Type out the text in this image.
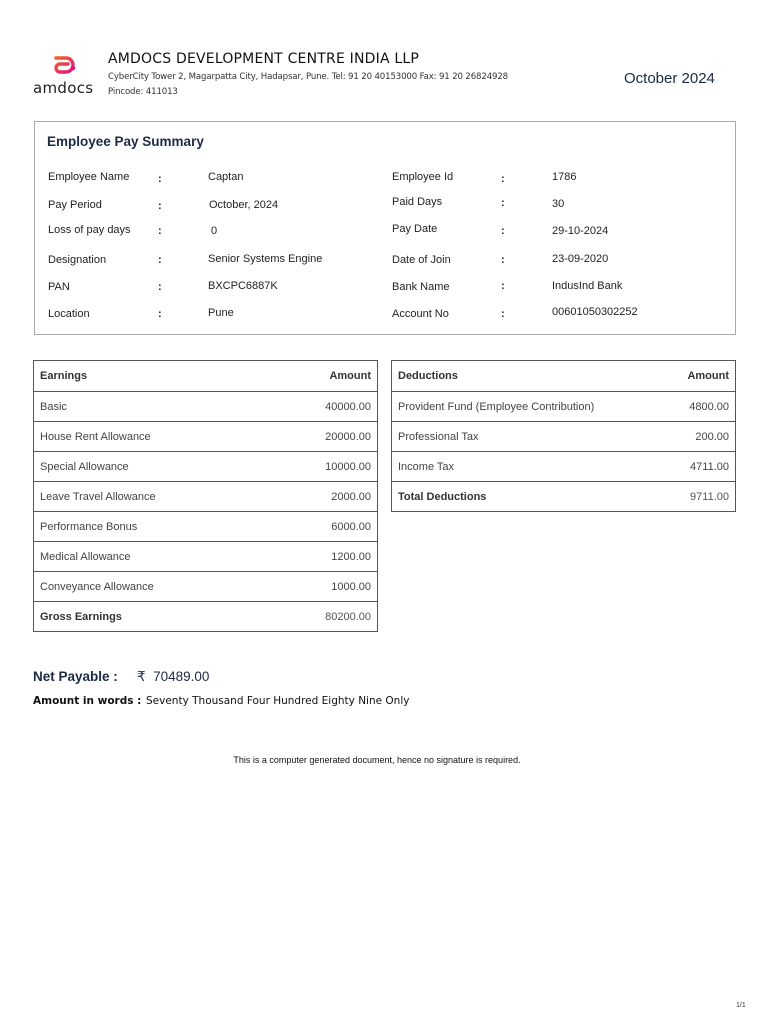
amdocs
AMDOCS DEVELOPMENT CENTRE INDIA LLP
CyberCity Tower 2, Magarpatta City, Hadapsar, Pune. Tel: 91 20 40153000 Fax: 91 20 26824928
Pincode: 411013
October 2024
Employee Pay Summary
Employee Name	:	Captan
Pay Period	:	October, 2024
Loss of pay days :	0
Designation	:	Senior Systems Engine
PAN	:	BXCPC6887K
Location	:	Pune
Employee Id	:	1786
Paid Days	:	30
Pay Date	:	29-10-2024
Date of Join	:	23-09-2020
Bank Name	:	IndusInd Bank
Account No	:	00601050302252
Earnings	Amount
Basic	40000.00
House Rent Allowance	20000.00
Special Allowance	10000.00
Leave Travel Allowance	2000.00
Performance Bonus	6000.00
Medical Allowance	1200.00
Conveyance Allowance	1000.00
Gross Earnings	80200.00
Deductions	Amount
Provident Fund (Employee Contribution)	4800.00
Professional Tax	200.00
Income Tax	4711.00
Total Deductions	9711.00
Net Payable : ₹ 70489.00
Amount in words : Seventy Thousand Four Hundred Eighty Nine Only
This is a computer generated document, hence no signature is required.
1/1
